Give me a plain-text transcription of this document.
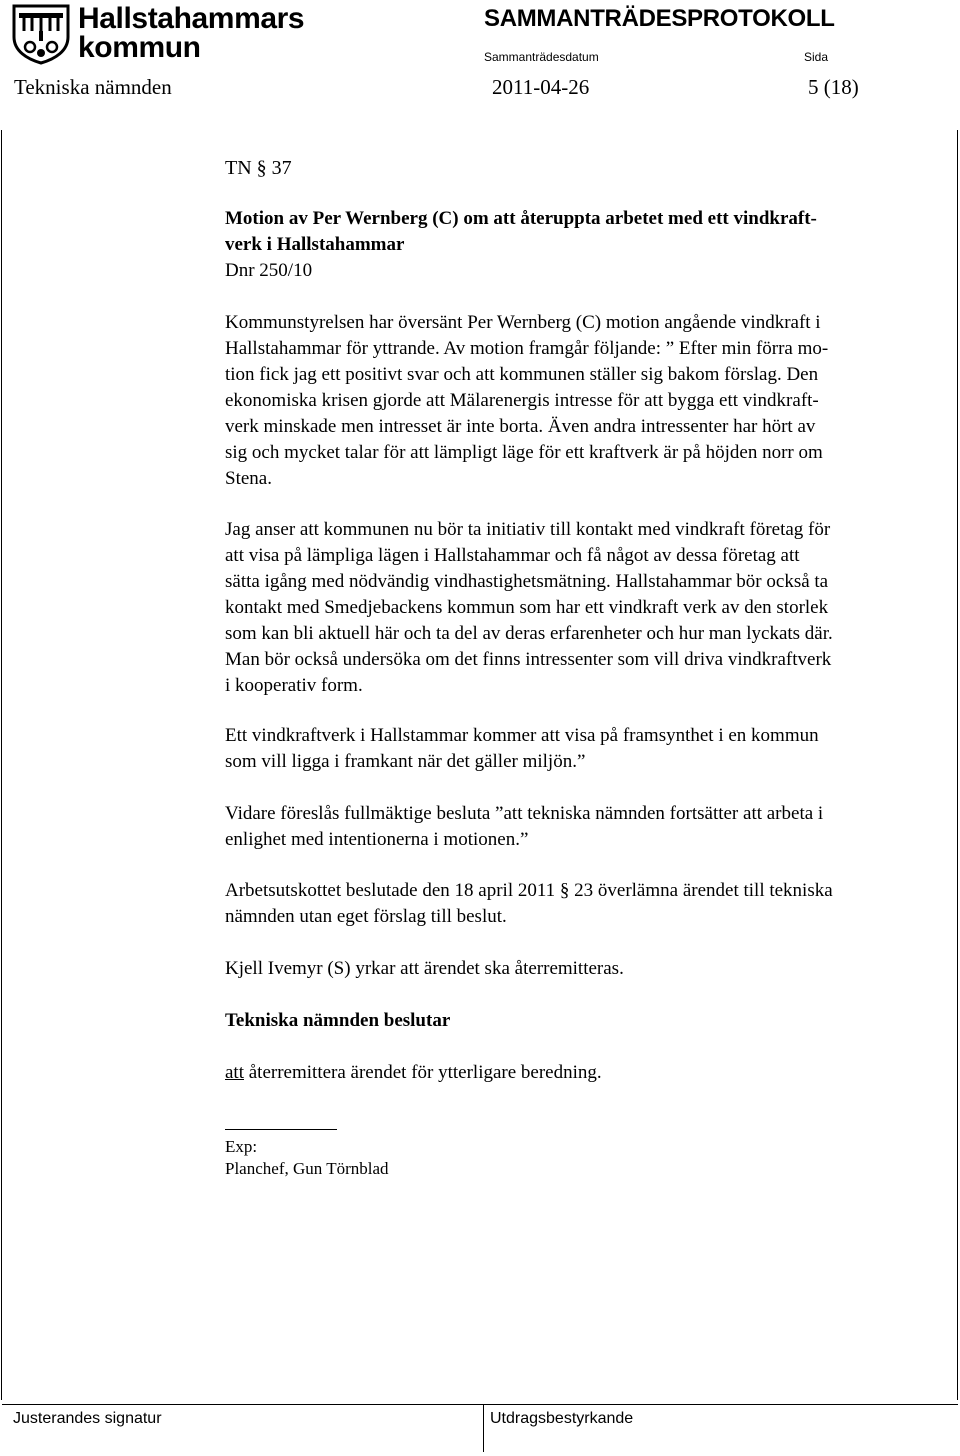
Hallstahammars
kommun
SAMMANTRÄDESPROTOKOLL
Sammanträdesdatum	Sida
Tekniska nämnden	2011-04-26	5 (18)
TN § 37
Motion av Per Wernberg (C) om att återuppta arbetet med ett vindkraft-
verk i Hallstahammar
Dnr 250/10
Kommunstyrelsen har översänt Per Wernberg (C) motion angående vindkraft i
Hallstahammar för yttrande. Av motion framgår följande: ” Efter min förra mo-
tion fick jag ett positivt svar och att kommunen ställer sig bakom förslag. Den
ekonomiska krisen gjorde att Mälarenergis intresse för att bygga ett vindkraft-
verk minskade men intresset är inte borta. Även andra intressenter har hört av
sig och mycket talar för att lämpligt läge för ett kraftverk är på höjden norr om
Stena.
Jag anser att kommunen nu bör ta initiativ till kontakt med vindkraft företag för
att visa på lämpliga lägen i Hallstahammar och få något av dessa företag att
sätta igång med nödvändig vindhastighetsmätning. Hallstahammar bör också ta
kontakt med Smedjebackens kommun som har ett vindkraft verk av den storlek
som kan bli aktuell här och ta del av deras erfarenheter och hur man lyckats där.
Man bör också undersöka om det finns intressenter som vill driva vindkraftverk
i kooperativ form.
Ett vindkraftverk i Hallstammar kommer att visa på framsynthet i en kommun
som vill ligga i framkant när det gäller miljön.”
Vidare föreslås fullmäktige besluta ”att tekniska nämnden fortsätter att arbeta i
enlighet med intentionerna i motionen.”
Arbetsutskottet beslutade den 18 april 2011 § 23 överlämna ärendet till tekniska
nämnden utan eget förslag till beslut.
Kjell Ivemyr (S) yrkar att ärendet ska återremitteras.
Tekniska nämnden beslutar
att återremittera ärendet för ytterligare beredning.
Exp:
Planchef, Gun Törnblad
Justerandes signatur	Utdragsbestyrkande
